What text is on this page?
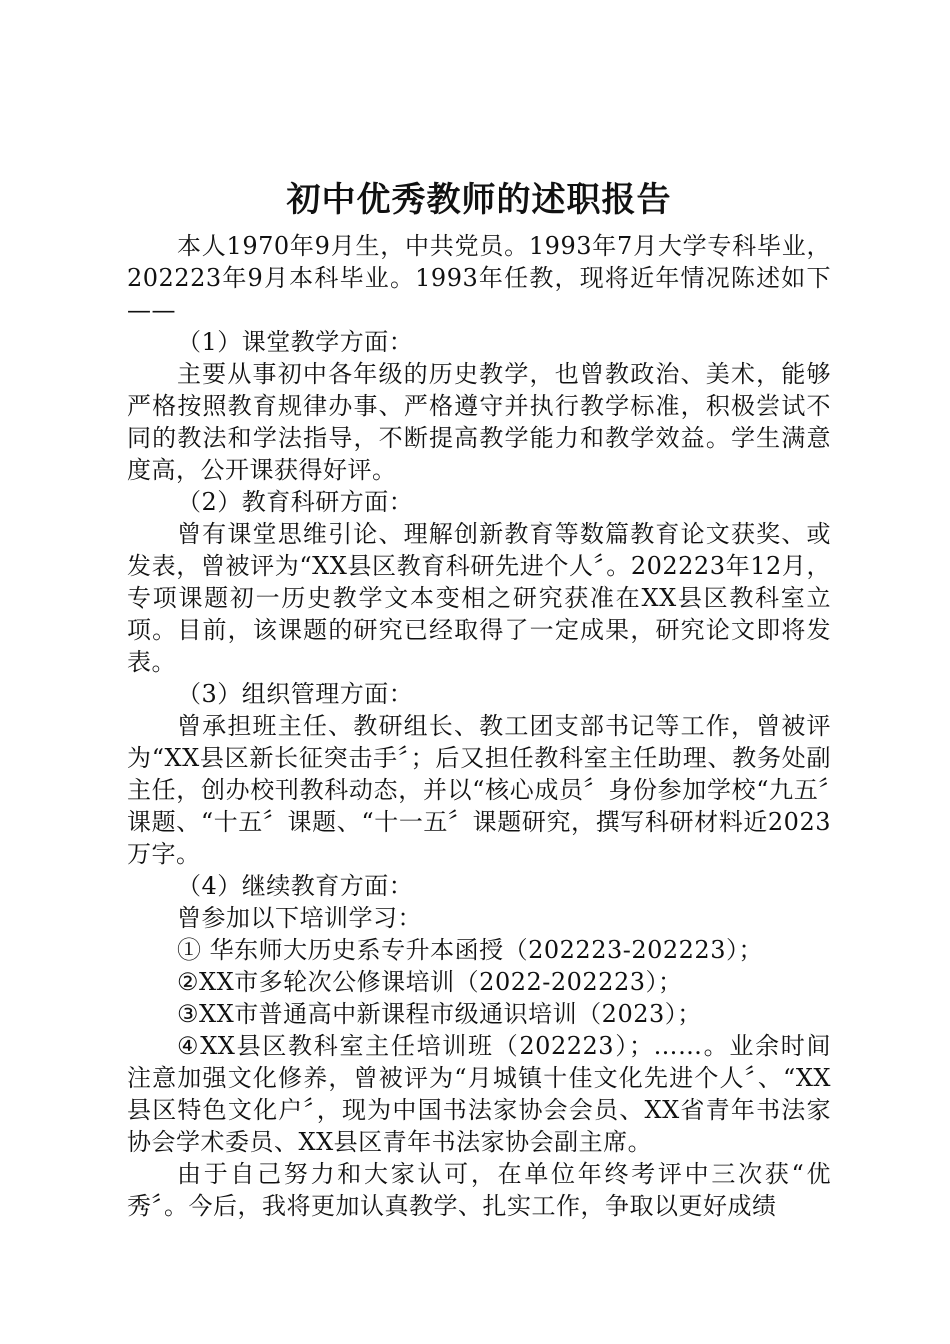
初中优秀教师的述职报告

本人1970年9月生，中共党员。1993年7月大学专科毕业，202223年9月本科毕业。1993年任教，现将近年情况陈述如下——

（1）课堂教学方面：

主要从事初中各年级的历史教学，也曾教政治、美术，能够严格按照教育规律办事、严格遵守并执行教学标准，积极尝试不同的教法和学法指导，不断提高教学能力和教学效益。学生满意度高，公开课获得好评。

（2）教育科研方面：

曾有课堂思维引论、理解创新教育等数篇教育论文获奖、或发表，曾被评为“XX县区教育科研先进个人〞。202223年12月，专项课题初一历史教学文本变相之研究获准在XX县区教科室立项。目前，该课题的研究已经取得了一定成果，研究论文即将发表。

（3）组织管理方面：

曾承担班主任、教研组长、教工团支部书记等工作，曾被评为“XX县区新长征突击手〞；后又担任教科室主任助理、教务处副主任，创办校刊教科动态，并以“核心成员〞身份参加学校“九五〞课题、“十五〞课题、“十一五〞课题研究，撰写科研材料近2023万字。

（4）继续教育方面：

曾参加以下培训学习：

① 华东师大历史系专升本函授（202223-202223）；

②XX市多轮次公修课培训（2022-202223）；

③XX市普通高中新课程市级通识培训（2023）；

④XX县区教科室主任培训班（202223）；……。业余时间注意加强文化修养，曾被评为“月城镇十佳文化先进个人〞、“XX县区特色文化户〞，现为中国书法家协会会员、XX省青年书法家协会学术委员、XX县区青年书法家协会副主席。

由于自己努力和大家认可，在单位年终考评中三次获“优秀〞。今后，我将更加认真教学、扎实工作，争取以更好成绩
